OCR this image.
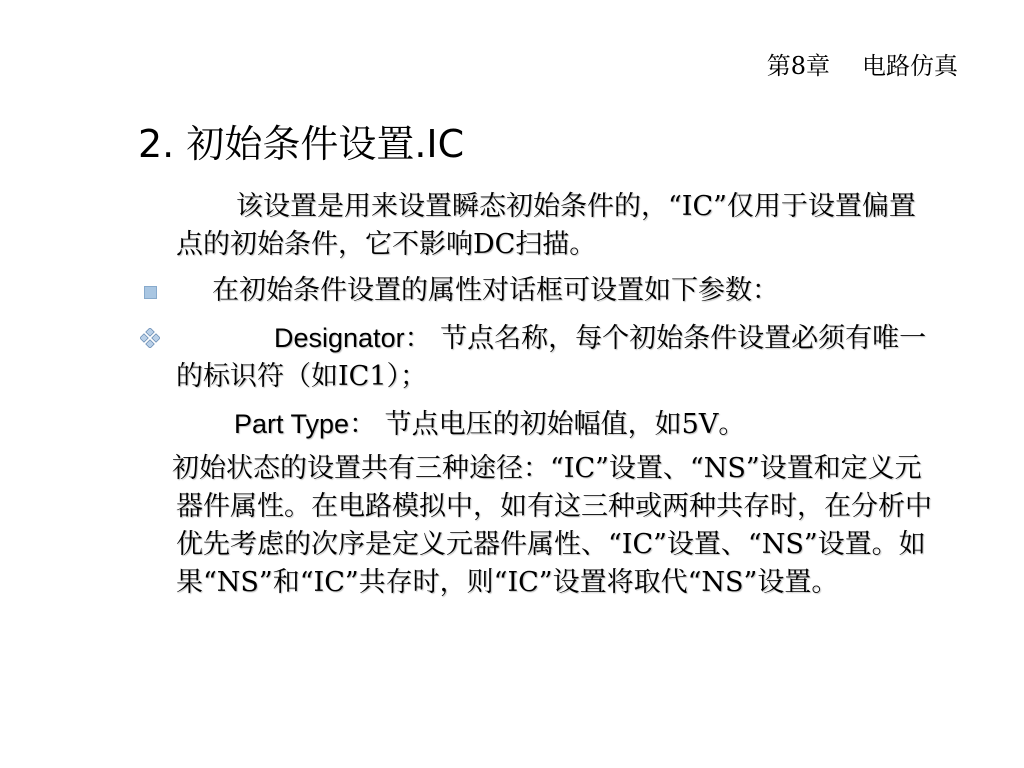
第8章 电路仿真
2. 初始条件设置.IC

该设置是用来设置瞬态初始条件的，“IC”仅用于设置偏置点的初始条件，它不影响DC扫描。

在初始条件设置的属性对话框可设置如下参数：

Designator： 节点名称，每个初始条件设置必须有唯一的标识符（如IC1）；

Part Type： 节点电压的初始幅值，如5V。

初始状态的设置共有三种途径：“IC”设置、“NS”设置和定义元器件属性。在电路模拟中，如有这三种或两种共存时，在分析中优先考虑的次序是定义元器件属性、“IC”设置、“NS”设置。如果“NS”和“IC”共存时，则“IC”设置将取代“NS”设置。
